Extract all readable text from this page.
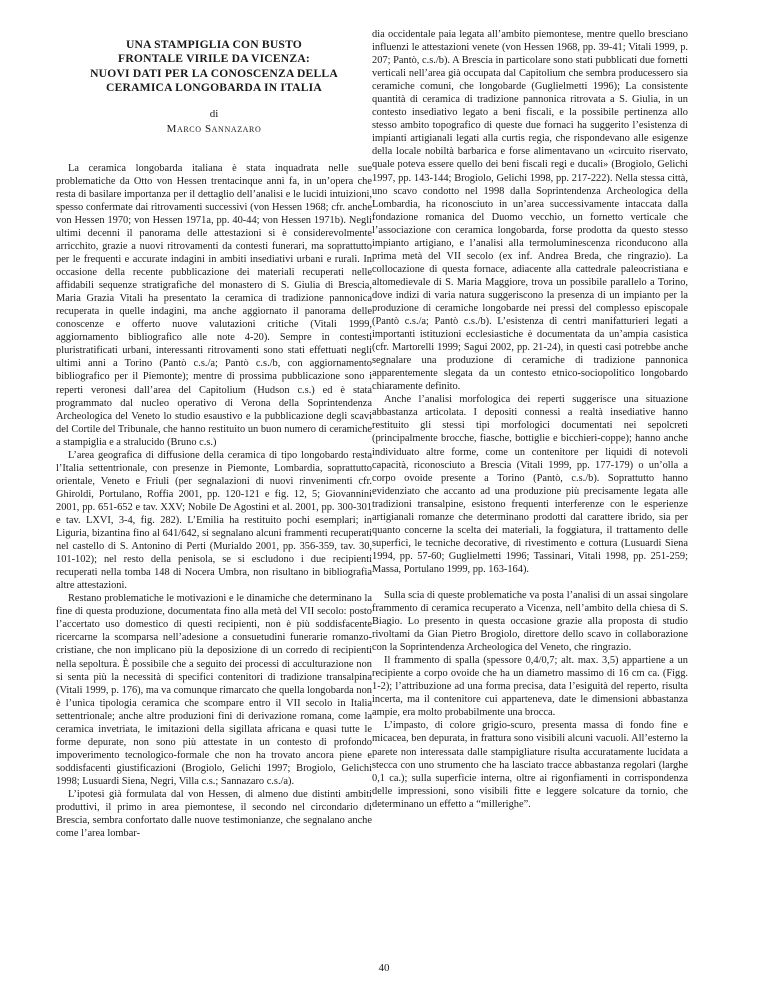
UNA STAMPIGLIA CON BUSTO
FRONTALE VIRILE DA VICENZA:
NUOVI DATI PER LA CONOSCENZA DELLA
CERAMICA LONGOBARDA IN ITALIA
di
Marco Sannazaro

La ceramica longobarda italiana è stata inquadrata nelle sue problematiche da Otto von Hessen trentacinque anni fa, in un’opera che resta di basilare importanza per il dettaglio dell’analisi e le lucidi intuizioni, spesso confermate dai ritrovamenti successivi (von Hessen 1968; cfr. anche von Hessen 1970; von Hessen 1971a, pp. 40-44; von Hessen 1971b). Negli ultimi decenni il panorama delle attestazioni si è considerevolmente arricchito, grazie a nuovi ritrovamenti da contesti funerari, ma soprattutto per le frequenti e accurate indagini in ambiti insediativi urbani e rurali. In occasione della recente pubblicazione dei materiali recuperati nelle affidabili sequenze stratigrafiche del monastero di S. Giulia di Brescia, Maria Grazia Vitali ha presentato la ceramica di tradizione pannonica recuperata in quelle indagini, ma anche aggiornato il panorama delle conoscenze e offerto nuove valutazioni critiche (Vitali 1999, aggiornamento bibliografico alle note 4-20). Sempre in contesti pluristratificati urbani, interessanti ritrovamenti sono stati effettuati negli ultimi anni a Torino (Pantò c.s./a; Pantò c.s./b, con aggiornamento bibliografico per il Piemonte); mentre di prossima pubblicazione sono i reperti veronesi dall’area del Capitolium (Hudson c.s.) ed è stata programmato dal nucleo operativo di Verona della Soprintendenza Archeologica del Veneto lo studio esaustivo e la pubblicazione degli scavi del Cortile del Tribunale, che hanno restituito un buon numero di ceramiche a stampiglia e a stralucido (Bruno c.s.)

L’area geografica di diffusione della ceramica di tipo longobardo resta l’Italia settentrionale, con presenze in Piemonte, Lombardia, soprattutto orientale, Veneto e Friuli (per segnalazioni di nuovi rinvenimenti cfr. Ghiroldi, Portulano, Roffia 2001, pp. 120-121 e fig. 12, 5; Giovannini 2001, pp. 651-652 e tav. XXV; Nobile De Agostini et al. 2001, pp. 300-301 e tav. LXVI, 3-4, fig. 282). L’Emilia ha restituito pochi esemplari; in Liguria, bizantina fino al 641/642, si segnalano alcuni frammenti recuperati nel castello di S. Antonino di Perti (Murialdo 2001, pp. 356-359, tav. 30, 101-102); nel resto della penisola, se si escludono i due recipienti recuperati nella tomba 148 di Nocera Umbra, non risultano in bibliografia altre attestazioni.

Restano problematiche le motivazioni e le dinamiche che determinano la fine di questa produzione, documentata fino alla metà del VII secolo: posto l’accertato uso domestico di questi recipienti, non è più soddisfacente ricercarne la scomparsa nell’adesione a consuetudini funerarie romanzo-cristiane, che non implicano più la deposizione di un corredo di recipienti nella sepoltura. È possibile che a seguito dei processi di acculturazione non si senta più la necessità di specifici contenitori di tradizione transalpina (Vitali 1999, p. 176), ma va comunque rimarcato che quella longobarda non è l’unica tipologia ceramica che scompare entro il VII secolo in Italia settentrionale; anche altre produzioni fini di derivazione romana, come la ceramica invetriata, le imitazioni della sigillata africana e quasi tutte le forme depurate, non sono più attestate in un contesto di profondo impoverimento tecnologico-formale che non ha trovato ancora piene e soddisfacenti giustificazioni (Brogiolo, Gelichi 1997; Brogiolo, Gelichi 1998; Lusuardi Siena, Negri, Villa c.s.; Sannazaro c.s./a).

L’ipotesi già formulata dal von Hessen, di almeno due distinti ambiti produttivi, il primo in area piemontese, il secondo nel circondario di Brescia, sembra confortato dalle nuove testimonianze, che segnalano anche come l’area lombar-

dia occidentale paia legata all’ambito piemontese, mentre quello bresciano influenzi le attestazioni venete (von Hessen 1968, pp. 39-41; Vitali 1999, p. 207; Pantò, c.s./b). A Brescia in particolare sono stati pubblicati due fornetti verticali nell’area già occupata dal Capitolium che sembra producessero sia ceramiche comuni, che longobarde (Guglielmetti 1996); La consistente quantità di ceramica di tradizione pannonica ritrovata a S. Giulia, in un contesto insediativo legato a beni fiscali, e la possibile pertinenza allo stesso ambito topografico di queste due fornaci ha suggerito l’esistenza di impianti artigianali legati alla curtis regia, che rispondevano alle esigenze della locale nobiltà barbarica e forse alimentavano un «circuito riservato, quale poteva essere quello dei beni fiscali regi e ducali» (Brogiolo, Gelichi 1997, pp. 143-144; Brogiolo, Gelichi 1998, pp. 217-222). Nella stessa città, uno scavo condotto nel 1998 dalla Soprintendenza Archeologica della Lombardia, ha riconosciuto in un’area successivamente intaccata dalla fondazione romanica del Duomo vecchio, un fornetto verticale che l’associazione con ceramica longobarda, forse prodotta da questo stesso impianto artigiano, e l’analisi alla termoluminescenza riconducono alla prima metà del VII secolo (ex inf. Andrea Breda, che ringrazio). La collocazione di questa fornace, adiacente alla cattedrale paleocristiana e altomedievale di S. Maria Maggiore, trova un possibile parallelo a Torino, dove indizi di varia natura suggeriscono la presenza di un impianto per la produzione di ceramiche longobarde nei pressi del complesso episcopale (Pantò c.s./a; Pantò c.s./b). L’esistenza di centri manifatturieri legati a importanti istituzioni ecclesiastiche è documentata da un’ampia casistica (cfr. Martorelli 1999; Sagui 2002, pp. 21-24), in questi casi potrebbe anche segnalare una produzione di ceramiche di tradizione pannonica apparentemente slegata da un contesto etnico-sociopolitico longobardo chiaramente definito.

Anche l’analisi morfologica dei reperti suggerisce una situazione abbastanza articolata. I depositi connessi a realtà insediative hanno restituito gli stessi tipi morfologici documentati nei sepolcreti (principalmente brocche, fiasche, bottiglie e bicchieri-coppe); hanno anche individuato altre forme, come un contenitore per liquidi di notevoli capacità, riconosciuto a Brescia (Vitali 1999, pp. 177-179) o un’olla a corpo ovoide presente a Torino (Pantò, c.s./b). Soprattutto hanno evidenziato che accanto ad una produzione più precisamente legata alle tradizioni transalpine, esistono frequenti interferenze con le esperienze artigianali romanze che determinano prodotti dal carattere ibrido, sia per quanto concerne la scelta dei materiali, la foggiatura, il trattamento delle superfici, le tecniche decorative, di rivestimento e cottura (Lusuardi Siena 1994, pp. 57-60; Guglielmetti 1996; Tassinari, Vitali 1998, pp. 251-259; Massa, Portulano 1999, pp. 163-164).

Sulla scia di queste problematiche va posta l’analisi di un assai singolare frammento di ceramica recuperato a Vicenza, nell’ambito della chiesa di S. Biagio. Lo presento in questa occasione grazie alla proposta di studio rivoltami da Gian Pietro Brogiolo, direttore dello scavo in collaborazione con la Soprintendenza Archeologica del Veneto, che ringrazio.

Il frammento di spalla (spessore 0,4/0,7; alt. max. 3,5) appartiene a un recipiente a corpo ovoide che ha un diametro massimo di 16 cm ca. (Figg. 1-2); l’attribuzione ad una forma precisa, data l’esiguità del reperto, risulta incerta, ma il contenitore cui apparteneva, date le dimensioni abbastanza ampie, era molto probabilmente una brocca.

L’impasto, di colore grigio-scuro, presenta massa di fondo fine e micacea, ben depurata, in frattura sono visibili alcuni vacuoli. All’esterno la parete non interessata dalle stampigliature risulta accuratamente lucidata a stecca con uno strumento che ha lasciato tracce abbastanza regolari (larghe 0,1 ca.); sulla superficie interna, oltre ai rigonfiamenti in corrispondenza delle impressioni, sono visibili fitte e leggere solcature da tornio, che determinano un effetto a “millerighe”.

40
